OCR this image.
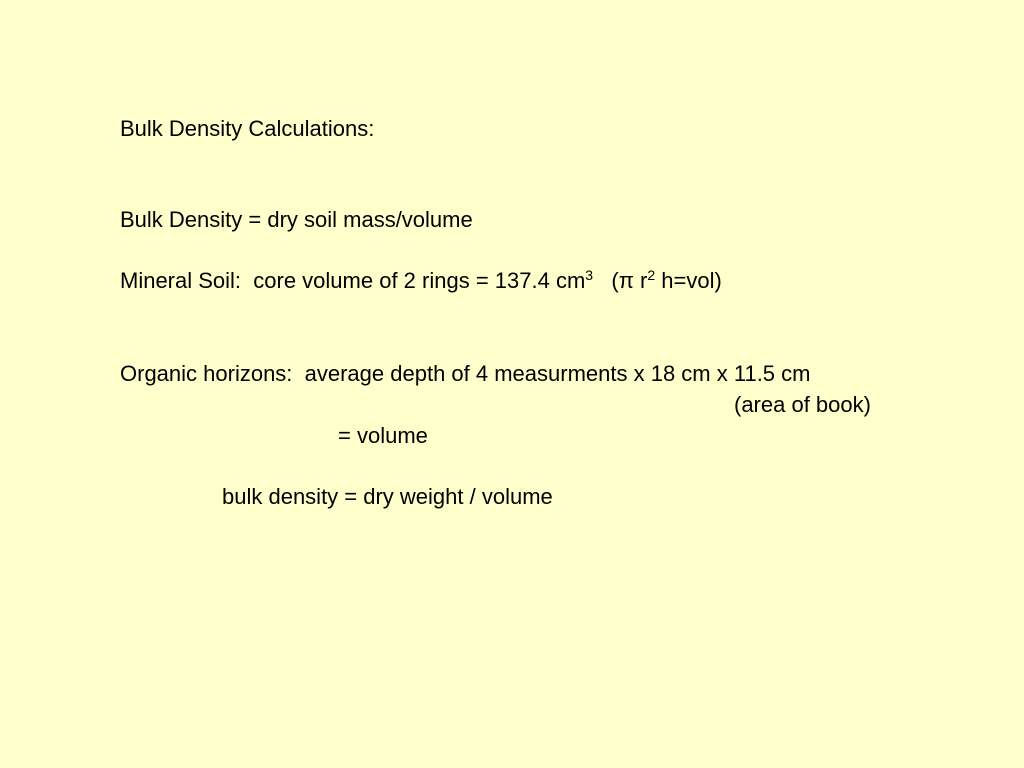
Bulk Density Calculations:
Bulk Density = dry soil mass/volume
Mineral Soil:  core volume of 2 rings = 137.4 $cm^3$ (π $r^2$ h=vol)
Organic horizons:  average depth of 4 measurments x 18 cm x 11.5 cm
(area of book)
= volume
bulk density = dry weight / volume
